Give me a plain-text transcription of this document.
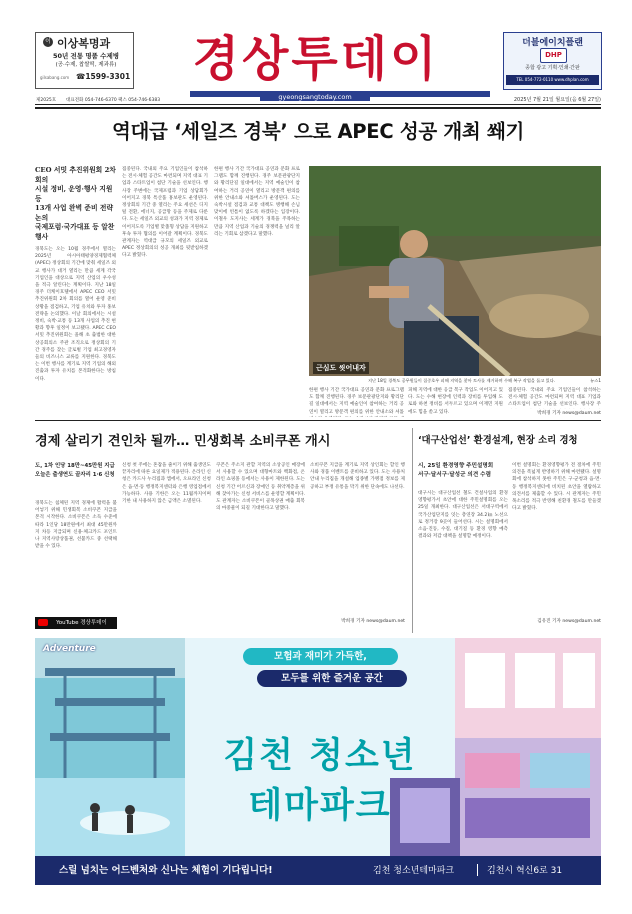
이 이상복명과
50년 전통 명품 수제병
(공·수제, 찹쌀떡, 제과류)
gilsabang.com ☎1599-3301	경상투데이
gyeongsangtoday.com
더블에이치플랜
DHP
종합 광고 기획·인쇄·간판
TEL 054-772-0110 www.dhplan.com
제2025호 대표전화 054-746-6370 팩스 054-746-6383	2025년 7월 21일 월요일(음 6월 27일)
역대급 ‘세일즈 경북’ 으로 APEC 성공 개최 쐐기

CEO 서밋 추진위원회 2차 회의

시설 정비, 운영·행사 지원 등

13개 사업 완벽 준비 전략 논의

국제포럼·국가대표 등 알찬 행사

경북도는 오는 10월 경주에서 열리는 2025년 아시아태평양경제협력체(APEC) 정상회의 기간에 맞춰 세일즈 외교 행사가 대거 열리는 만큼 세계 각국 기업인을 대상으로 지역 산업의 우수성을 적극 알린다는 계획이다. 지난 18일 경주 더케이호텔에서 APEC CEO 서밋 추진위원회 2차 회의를 열어 운영 준비 상황을 점검하고, 기업 유치와 투자 홍보 전략을 논의했다. 이날 회의에서는 시설 정비, 숙박·교통 등 13개 사업의 추진 현황과 향후 일정이 보고됐다. APEC CEO 서밋 추진위원회는 올해 초 출범한 대한상공회의소 주관 조직으로 정상회의 기간 경주를 찾는 글로벌 기업 최고경영자들의 비즈니스 교류를 지원한다. 경북도는 이번 행사를 계기로 지역 기업의 해외 진출과 투자 유치를 본격화한다는 방침이다.

집중된다. 국내외 주요 기업인들이 참석하는 전시·체험 공간도 마련되며 지역 대표 기업과 스타트업이 첨단 기술을 선보인다. 행사장 주변에는 국제포럼과 기업 상담회가 이어지고 경북 특산품 홍보관도 운영된다. 정상회의 기간 중 열리는 주요 세션은 디지털 전환, 에너지, 공급망 등을 주제로 다룬다. 도는 세일즈 외교의 성과가 지역 경제로 이어지도록 기업별 맞춤형 상담을 지원하고 후속 투자 협의를 이어갈 계획이다. 경북도 관계자는 역대급 규모의 세일즈 외교로 APEC 정상회의의 성공 개최를 뒷받침하겠다고 밝혔다.

한편 행사 기간 국가대표 공연과 문화 프로그램도 함께 진행된다. 경주 보문관광단지와 황리단길 일대에서는 지역 예술인이 참여하는 거리 공연이 열리고 방문객 편의를 위한 안내소와 셔틀버스가 운영된다. 도는 숙박시설 점검과 교통 대책도 병행해 손님 맞이에 빈틈이 없도록 하겠다는 입장이다. 이철우 도지사는 세계가 경북을 주목하는 만큼 지역 산업과 기술의 경쟁력을 널리 알리는 기회로 삼겠다고 말했다.

근심도 씻어내자
지난 18일 경북도 공무원들이 집중호우 피해 지역을 찾아 토사를 제거하며 수해 복구 작업을 돕고 있다.	뉴스1

한편 행사 기간 국가대표 공연과 문화 프로그램도 함께 진행된다. 경주 보문관광단지와 황리단길 일대에서는 지역 예술인이 참여하는 거리 공연이 열리고 방문객 편의를 위한 안내소와 셔틀

피해 지역에 대한 응급 복구 작업도 이어지고 있다. 도는 수해 현장에 인력과 장비를 투입해 도로와 하천 정비를 서두르고 있으며 이재민 지원에도 힘을 쏟고 있다.

집중된다. 국내외 주요 기업인들이 참석하는 전시·체험 공간도 마련되며 지역 대표 기업과 스타트업이 첨단 기술을 선보인다. 행사장 주

박희경 기자 news@daum.net
경제 살리기 견인차 될까… 민생회복 소비쿠폰 개시

도, 1차 인당 18만~45만원 지급

오늘은 출생연도 끝자리 1·6 신청

경북도는 침체된 지역 경제에 활력을 불어넣기 위해 민생회복 소비쿠폰 지급을 본격 시작한다. 소비쿠폰은 소득 수준에 따라 1인당 18만원에서 최대 45만원까지 차등 지급되며 신용·체크카드 포인트나 지역사랑상품권, 선불카드 중 선택해 받을 수 있다.

$^{YouTube 경상투데이}$

신청 첫 주에는 혼잡을 줄이기 위해 출생연도 끝자리에 따른 요일제가 적용된다. 온라인 신청은 카드사 누리집과 앱에서, 오프라인 신청은 읍·면·동 행정복지센터와 은행 영업점에서 가능하다. 사용 기한은 오는 11월까지이며 기한 내 사용하지 않은 금액은 소멸된다.

쿠폰은 주소지 관할 지역의 소상공인 매장에서 사용할 수 있으며 대형마트와 백화점, 온라인 쇼핑몰 등에서는 사용이 제한된다. 도는 신청 기간 어르신과 장애인 등 취약계층을 위해 찾아가는 신청 서비스를 운영할 계획이다. 도 관계자는 소비쿠폰이 골목상권 매출 회복의 마중물이 되길 기대한다고 말했다.

소비쿠폰 지급을 계기로 지역 상인회는 할인 행사와 경품 이벤트를 준비하고 있다. 도는 사용처 안내 누리집을 개설해 업종별 가맹점 정보를 제공하고 부정 유통을 막기 위한 단속에도 나선다.

박희경 기자 news@daum.net
‘대구산업선’ 환경설계, 현장 소리 경청

시, 25일 환경영향 주민설명회

서구·달서구·달성군 의견 수렴

대구시는 대구산업선 철도 건설사업의 환경영향평가서 초안에 대한 주민설명회를 오는 25일 개최한다. 대구산업선은 서대구역에서 국가산업단지를 잇는 총연장 34.2㎞ 노선으로 정거장 9곳이 들어선다. 시는 설명회에서 소음·진동, 수질, 대기질 등 환경 영향 예측 결과와 저감 대책을 설명할 예정이다.

이번 설명회는 환경영향평가 전 절차에 주민 의견을 폭넓게 반영하기 위해 마련됐다. 설명회에 참석하지 못한 주민은 구·군청과 읍·면·동 행정복지센터에 비치된 초안을 열람하고 의견서를 제출할 수 있다. 시 관계자는 주민 목소리를 적극 반영해 친환경 철도를 만들겠다고 밝혔다.

김유진 기자 news@daum.net
Adventure
모험과 재미가 가득한,
모두를 위한 즐거운 공간
김천 청소년
테마파크
스릴 넘치는 어드벤처와 신나는 체험이 기다립니다!	김천 청소년테마파크	김천시 혁신6로 31
